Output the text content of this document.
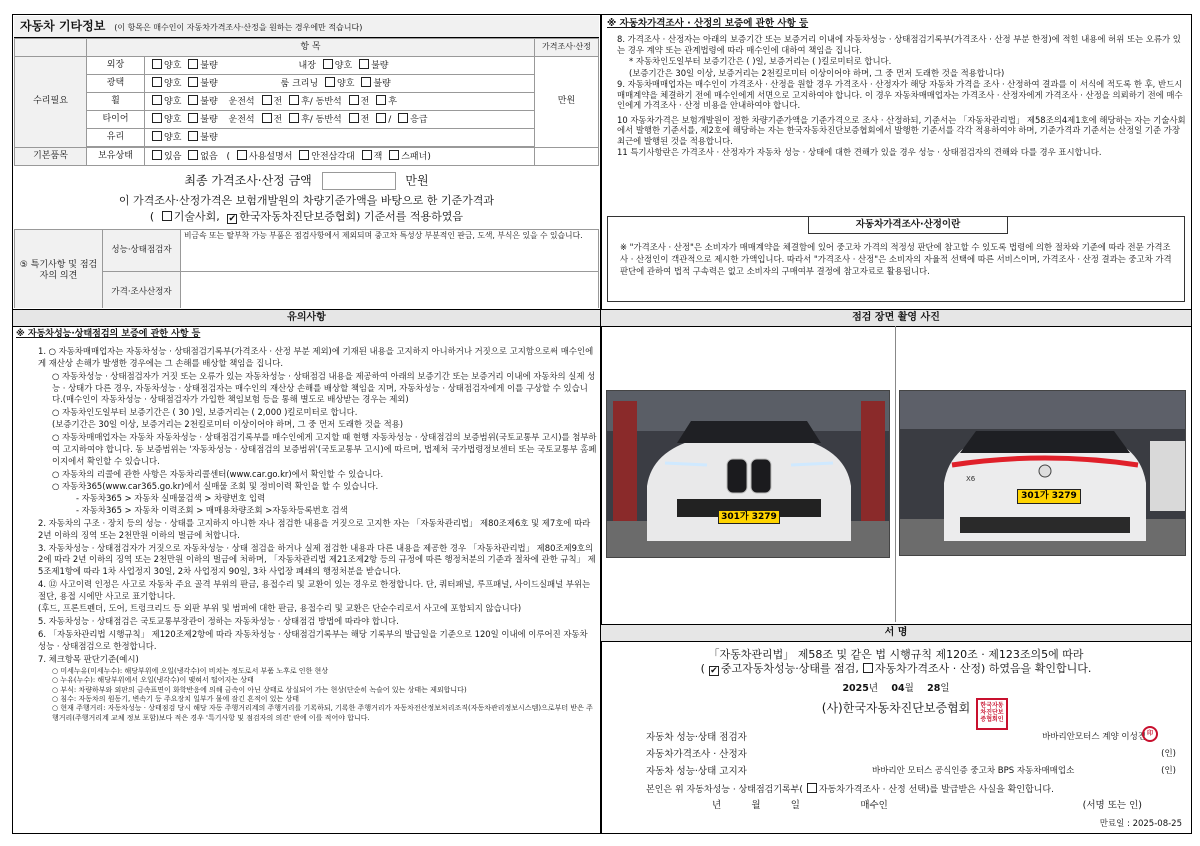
자동차 기타정보 (이 항목은 매수인이 자동차가격조사·산정을 원하는 경우에만 적습니다)
	항 목		가격조사·산정
수리필요	외장	양호 불량 내장 양호 불량	만원
	광택	양호 불량 룸 크리닝 양호 불량	
	휠	양호 불량 운전석 전 후/ 동반석 전 후	
	타이어	양호 불량 운전석 전 후/ 동반석 전 / 응급	
	유리	양호 불량	

기본품목	보유상태	있음 없음 ( 사용설명서 안전삼각대 잭 스패너)	
최종 가격조사·산정 금액	만원
이 가격조사·산정가격은 보험개발원의 차량기준가액을 바탕으로 한 기준가격과
( 기술사회, ✔ 한국자동차진단보증협회) 기준서를 적용하였음
⑤ 특기사항 및 점검자의 의견	성능·상태점검자	비금속 또는 탈부착 가능 부품은 점검사항에서 제외되며 중고차 특성상 부분적인 판금, 도색, 부식은 있을 수 있습니다.
	가격·조사산정자	
※ 자동차가격조사 · 산정의 보증에 관한 사항 등
8. 가격조사 · 산정자는 아래의 보증기간 또는 보증거리 이내에 자동차성능 · 상태점검기록부(가격조사 · 산정 부분 한정)에 적힌 내용에 허위 또는 오류가 있는 경우 계약 또는 관계법령에 따라 매수인에 대하여 책임을 집니다.
* 자동차인도일부터 보증기간은 ( )일, 보증거리는 ( )킬로미터로 합니다.
(보증기간은 30일 이상, 보증거리는 2천킬로미터 이상이어야 하며, 그 중 먼저 도래한 것을 적용합니다)
9. 자동차매매업자는 매수인이 가격조사 · 산정을 원할 경우 가격조사 · 산정자가 해당 자동차 가격을 조사 · 산정하여 결과를 이 서식에 적도록 한 후, 반드시 매매계약을 체결하기 전에 매수인에게 서면으로 고지하여야 합니다. 이 경우 자동차매매업자는 가격조사 · 산정자에게 가격조사 · 산정을 의뢰하기 전에 매수인에게 가격조사 · 산정 비용을 안내하여야 합니다.
10 자동차가격은 보험개발원이 정한 차량기준가액을 기준가격으로 조사 · 산정하되, 기준서는 「자동차관리법」 제58조의4제1호에 해당하는 자는 기술사회에서 발행한 기준서를, 제2호에 해당하는 자는 한국자동차진단보증협회에서 발행한 기준서를 각각 적용하여야 하며, 기준가격과 기준서는 산정일 기준 가장 최근에 발행된 것을 적용합니다.
11 특기사항란은 가격조사 · 산정자가 자동차 성능 · 상태에 대한 견해가 있을 경우 성능 · 상태점검자의 견해와 다를 경우 표시합니다.
자동차가격조사·산정이란
※ "가격조사 · 산정"은 소비자가 매매계약을 체결함에 있어 중고차 가격의 적정성 판단에 참고할 수 있도록 법령에 의한 절차와 기준에 따라 전문 가격조사 · 산정인이 객관적으로 제시한 가액입니다. 따라서 "가격조사 · 산정"은 소비자의 자율적 선택에 따른 서비스이며, 가격조사 · 산정 결과는 중고차 가격판단에 관하여 법적 구속력은 없고 소비자의 구매여부 결정에 참고자료로 활용됩니다.
유의사항	점검 장면 촬영 사진
※ 자동차성능·상태점검의 보증에 관한 사항 등
1. ○ 자동차매매업자는 자동차성능 · 상태점검기록부(가격조사 · 산정 부분 제외)에 기재된 내용을 고지하지 아니하거나 거짓으로 고지함으로써 매수인에게 재산상 손해가 발생한 경우에는 그 손해를 배상할 책임을 집니다.
○ 자동차성능 · 상태점검자가 거짓 또는 오류가 있는 자동차성능 · 상태점검 내용을 제공하여 아래의 보증기간 또는 보증거리 이내에 자동차의 실제 성능 · 상태가 다른 경우, 자동차성능 · 상태점검자는 매수인의 재산상 손해를 배상할 책임을 지며, 자동차성능 · 상태점검자에게 이를 구상할 수 있습니다.(매수인이 자동차성능 · 상태점검자가 가입한 책임보험 등을 통해 별도로 배상받는 경우는 제외)
○ 자동차인도일부터 보증기간은 ( 30 )일, 보증거리는 ( 2,000 )킬로미터로 합니다.
(보증기간은 30일 이상, 보증거리는 2천킬로미터 이상이어야 하며, 그 중 먼저 도래한 것을 적용)
○ 자동차매매업자는 자동차 자동차성능 · 상태점검기록부를 매수인에게 고지할 때 현행 자동차성능 · 상태점검의 보증범위(국토교통부 고시)를 첨부하여 고지하여야 합니다. 동 보증범위는 '자동차성능 · 상태점검의 보증범위'(국토교통부 고시)에 따르며, 법제처 국가법령정보센터 또는 국토교통부 홈페이지에서 확인할 수 있습니다.
○ 자동차의 리콜에 관한 사항은 자동차리콜센터(www.car.go.kr)에서 확인할 수 있습니다.
○ 자동차365(www.car365.go.kr)에서 실매물 조회 및 정비이력 확인을 할 수 있습니다.
- 자동차365 > 자동차 실매물검색 > 차량번호 입력
- 자동차365 > 자동차 이력조회 > 매매용차량조회 >자동차등록번호 검색
2. 자동차의 구조 · 장치 등의 성능 · 상태를 고지하지 아니한 자나 점검한 내용을 거짓으로 고지한 자는 「자동차관리법」 제80조제6호 및 제7호에 따라 2년 이하의 징역 또는 2천만원 이하의 벌금에 처합니다.
3. 자동차성능 · 상태점검자가 거짓으로 자동차성능 · 상태 점검을 하거나 실제 점검한 내용과 다른 내용을 제공한 경우 「자동차관리법」 제80조제9호의2에 따라 2년 이하의 징역 또는 2천만원 이하의 벌금에 처하며, 「자동차관리법 제21조제2항 등의 규정에 따른 행정처분의 기준과 절차에 관한 규칙」 제5조제1항에 따라 1차 사업정지 30일, 2차 사업정지 90일, 3차 사업장 폐쇄의 행정처분을 받습니다.
4. ⑫ 사고이력 인정은 사고로 자동차 주요 골격 부위의 판금, 용접수리 및 교환이 있는 경우로 한정합니다. 단, 쿼터패널, 루프패널, 사이드실패널 부위는 절단, 용접 시에만 사고로 표기합니다.
(후드, 프론트펜더, 도어, 트렁크리드 등 외판 부위 및 범퍼에 대한 판금, 용접수리 및 교환은 단순수리로서 사고에 포함되지 않습니다)
5. 자동차성능 · 상태점검은 국토교통부장관이 정하는 자동차성능 · 상태점검 방법에 따라야 합니다.
6. 「자동차관리법 시행규칙」 제120조제2항에 따라 자동차성능 · 상태점검기록부는 해당 기록부의 발급일을 기준으로 120일 이내에 이루어진 자동차 성능 · 상태점검으로 한정합니다.
7. 체크항목 판단기준(예시)
○ 미세누유(미세누수): 해당부위에 오일(냉각수)이 비치는 정도로서 부품 노후로 인한 현상
○ 누유(누수): 해당부위에서 오일(냉각수)이 맺혀서 떨어지는 상태
○ 부식: 차량하부와 외판의 금속표면이 화학반응에 의해 금속이 아닌 상태로 상실되어 가는 현상(단순히 녹슬어 있는 상태는 제외합니다)
○ 침수: 자동차의 원동기, 변속기 등 주요장치 일부가 물에 잠긴 흔적이 있는 상태
○ 현재 주행거리: 자동차성능 · 상태점검 당시 해당 자동 주행거리계의 주행거리를 기록하되, 기록한 주행거리가 자동차전산정보처리조직(자동차관리정보시스템)으로부터 받은 주행거리(주행거리계 교체 정보 포함)보다 적은 경우 '특기사항 및 점검자의 의견' 란에 이를 적어야 합니다.
301가 3279
X6
301가 3279
서 명
「자동차관리법」 제58조 및 같은 법 시행규칙 제120조 · 제123조의5에 따라
( ✔ 중고자동차성능·상태를 점검, 자동차가격조사 · 산정) 하였음을 확인합니다.
2025년 04월 28일
(사)한국자동차진단보증협회	한국자동차진단보증협회인
자동차 성능·상태 점검자	바바리안모터스 계양 이성진 印
자동차가격조사 · 산정자	(인)
자동차 성능·상태 고지자	바바리안 모터스 공식인증 중고차 BPS 자동차매매업소	(인)
본인은 위 자동차성능 · 상태점검기록부( 자동차가격조사 · 산정 선택)를 발급받은 사실을 확인합니다.
년          월          일                    매수인	(서명 또는 인)
만료일 : 2025-08-25
